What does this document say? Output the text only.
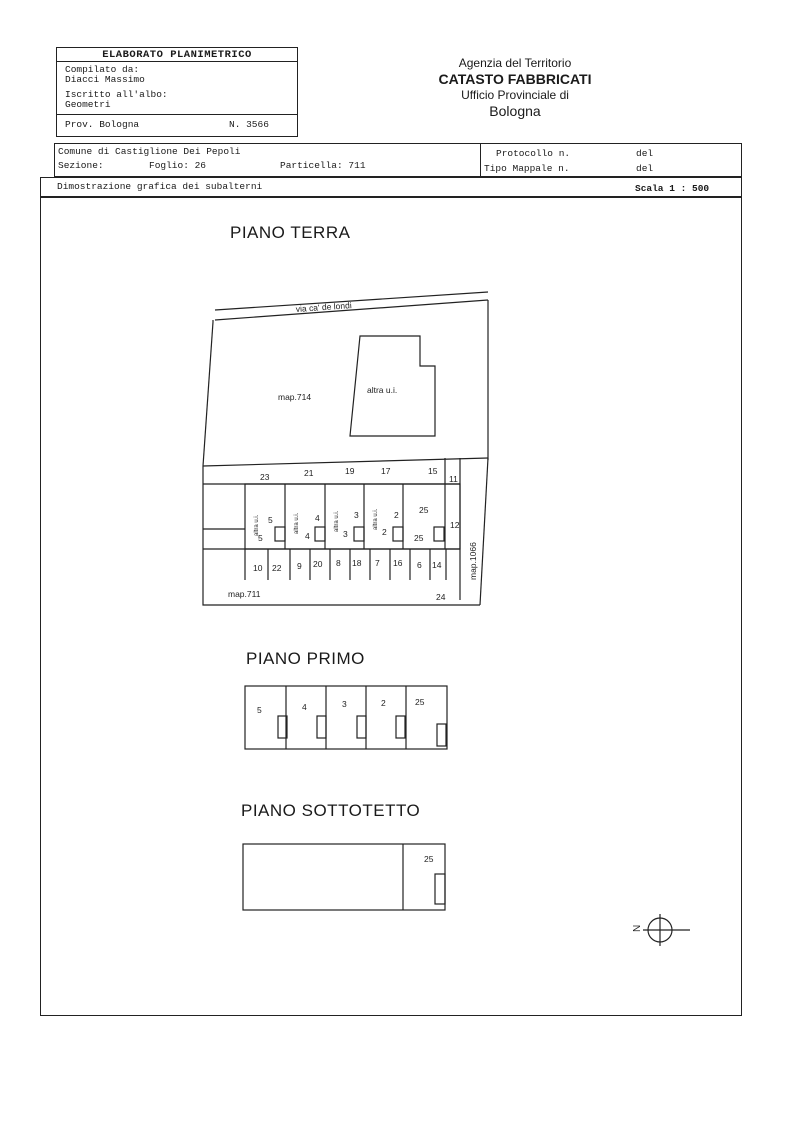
ELABORATO PLANIMETRICO
Compilato da:
Diacci Massimo
Iscritto all'albo:
Geometri
Prov. Bologna	N. 3566
Agenzia del Territorio
CATASTO FABBRICATI
Ufficio Provinciale di
Bologna
Comune di Castiglione Dei Pepoli
Sezione:	Foglio: 26	Particella: 711
Protocollo n.	del
Tipo Mappale n.	del
Dimostrazione grafica dei subalterni	Scala 1 : 500
PIANO TERRA
PIANO PRIMO
PIANO SOTTOTETTO
via ca' de londi
map.714
altra u.i.
map.711
map.1066
23	21	19	17	15
11
5	4	3	2 25
12
5	4	3	2
25
altra u.i.	altra u.i.	altra u.i.	altra u.i.
10 22 9 20 8 18 7 16 6 14
24
5	4	3	2	25
25
N
